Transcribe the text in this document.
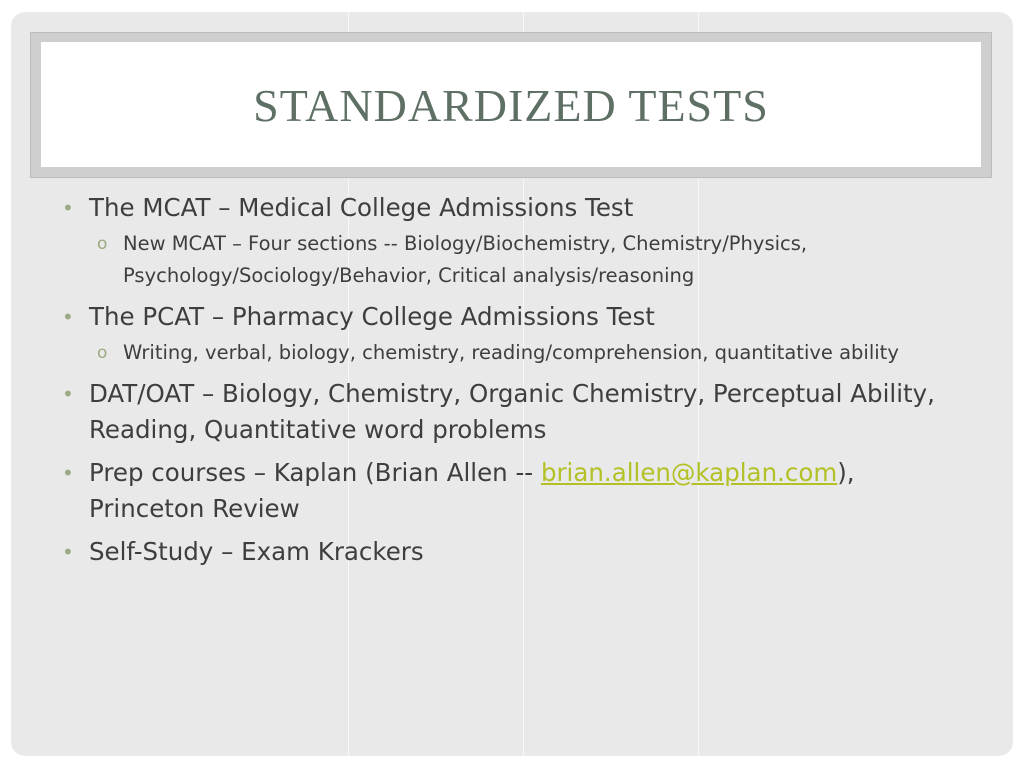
STANDARDIZED TESTS
• The MCAT – Medical College Admissions Test
o New MCAT – Four sections -- Biology/Biochemistry, Chemistry/Physics, Psychology/Sociology/Behavior, Critical analysis/reasoning
• The PCAT – Pharmacy College Admissions Test
o Writing, verbal, biology, chemistry, reading/comprehension, quantitative ability
• DAT/OAT – Biology, Chemistry, Organic Chemistry, Perceptual Ability, Reading, Quantitative word problems
• Prep courses – Kaplan (Brian Allen -- brian.allen@kaplan.com), Princeton Review
• Self-Study – Exam Krackers
